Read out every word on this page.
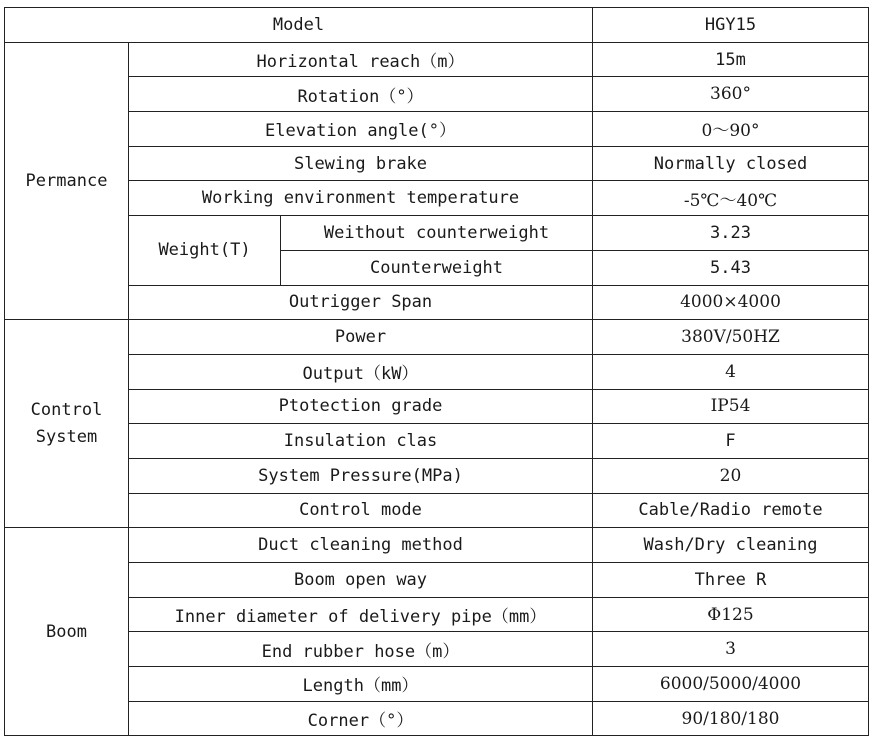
Model			HGY15
Permance	Horizontal reach（m）		15m
	Rotation（°）		360°
	Elevation angle(°）		0～90°
	Slewing brake		Normally closed
	Working environment temperature		-5℃～40℃
	Weight(T)	Weithout counterweight	3.23
		Counterweight	5.43
	Outrigger Span		4000×4000

Control
System	Power		380V/50HZ
	Output（kW）		4
	Ptotection grade		IP54
	Insulation clas		F
	System Pressure(MPa)		20
	Control mode		Cable/Radio remote
Boom	Duct cleaning method		Wash/Dry cleaning
	Boom open way		Three R
	Inner diameter of delivery pipe（mm）		Φ125
	End rubber hose（m）		3
	Length（mm）		6000/5000/4000
	Corner（°）		90/180/180
